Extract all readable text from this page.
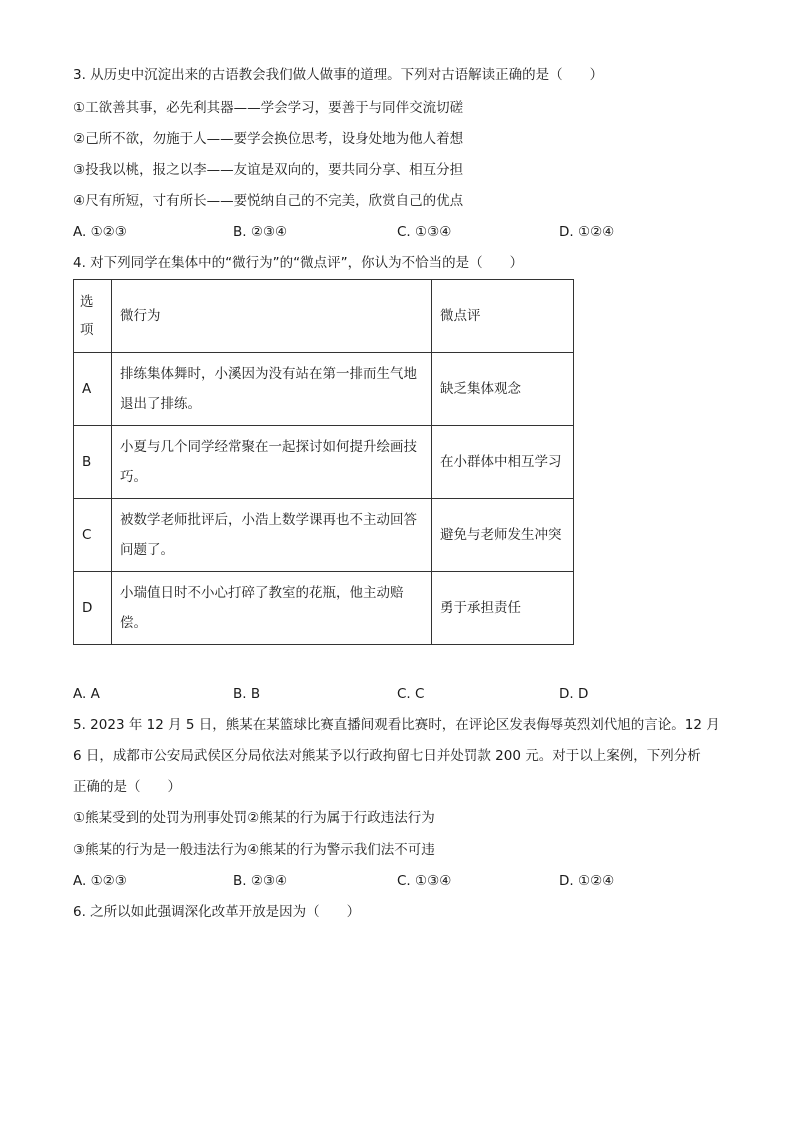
3. 从历史中沉淀出来的古语教会我们做人做事的道理。下列对古语解读正确的是（　　）
①工欲善其事，必先利其器——学会学习，要善于与同伴交流切磋
②己所不欲，勿施于人——要学会换位思考，设身处地为他人着想
③投我以桃，报之以李——友谊是双向的，要共同分享、相互分担
④尺有所短，寸有所长——要悦纳自己的不完美，欣赏自己的优点
A. ①②③	B. ②③④	C. ①③④	D. ①②④
4. 对下列同学在集体中的“微行为”的“微点评”，你认为不恰当的是（　　）
选项	微行为	微点评
A	排练集体舞时，小溪因为没有站在第一排而生气地退出了排练。	缺乏集体观念
B	小夏与几个同学经常聚在一起探讨如何提升绘画技巧。	在小群体中相互学习
C	被数学老师批评后，小浩上数学课再也不主动回答问题了。	避免与老师发生冲突
D	小瑞值日时不小心打碎了教室的花瓶，他主动赔偿。	勇于承担责任
A. A	B. B	C. C	D. D
5. 2023 年 12 月 5 日，熊某在某篮球比赛直播间观看比赛时，在评论区发表侮辱英烈刘代旭的言论。12 月
6 日，成都市公安局武侯区分局依法对熊某予以行政拘留七日并处罚款 200 元。对于以上案例，下列分析
正确的是（　　）
①熊某受到的处罚为刑事处罚②熊某的行为属于行政违法行为
③熊某的行为是一般违法行为④熊某的行为警示我们法不可违
A. ①②③	B. ②③④	C. ①③④	D. ①②④
6. 之所以如此强调深化改革开放是因为（　　）
